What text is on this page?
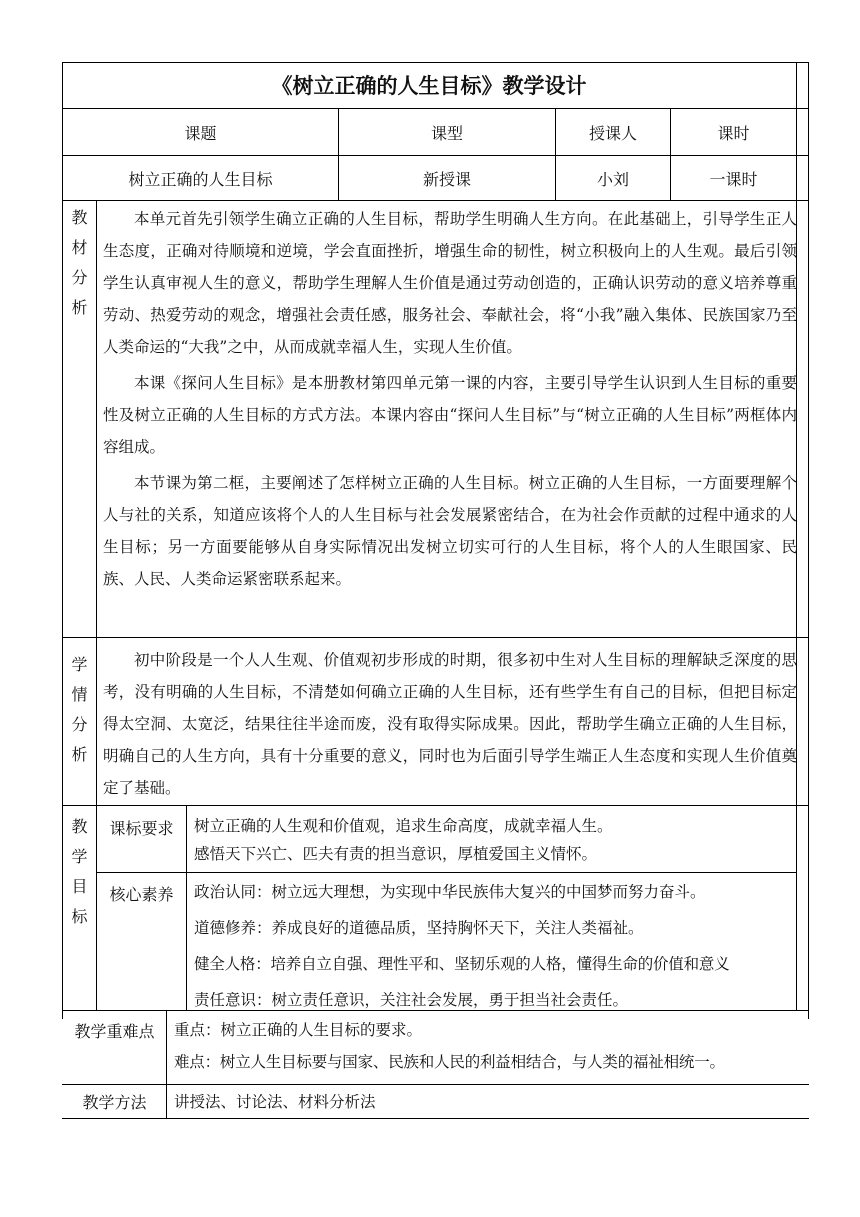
《树立正确的人生目标》教学设计
课题	课型	授课人	课时
树立正确的人生目标	新授课	小刘	一课时
教材分析

本单元首先引领学生确立正确的人生目标，帮助学生明确人生方向。在此基础上，引导学生正人生态度，正确对待顺境和逆境，学会直面挫折，增强生命的韧性，树立积极向上的人生观。最后引领学生认真审视人生的意义，帮助学生理解人生价值是通过劳动创造的，正确认识劳动的意义培养尊重劳动、热爱劳动的观念，增强社会责任感，服务社会、奉献社会，将“小我”融入集体、民族国家乃至人类命运的“大我”之中，从而成就幸福人生，实现人生价值。

本课《探问人生目标》是本册教材第四单元第一课的内容，主要引导学生认识到人生目标的重要性及树立正确的人生目标的方式方法。本课内容由“探问人生目标”与“树立正确的人生目标”两框体内容组成。

本节课为第二框，主要阐述了怎样树立正确的人生目标。树立正确的人生目标，一方面要理解个人与社的关系，知道应该将个人的人生目标与社会发展紧密结合，在为社会作贡献的过程中通求的人生目标；另一方面要能够从自身实际情况出发树立切实可行的人生目标，将个人的人生眼国家、民族、人民、人类命运紧密联系起来。

学情分析

初中阶段是一个人人生观、价值观初步形成的时期，很多初中生对人生目标的理解缺乏深度的思考，没有明确的人生目标，不清楚如何确立正确的人生目标，还有些学生有自己的目标，但把目标定得太空洞、太宽泛，结果往往半途而废，没有取得实际成果。因此，帮助学生确立正确的人生目标，明确自己的人生方向，具有十分重要的意义，同时也为后面引导学生端正人生态度和实现人生价值奠定了基础。

教学目标
课标要求	树立正确的人生观和价值观，追求生命高度，成就幸福人生。

感悟天下兴亡、匹夫有责的担当意识，厚植爱国主义情怀。

核心素养	政治认同：树立远大理想，为实现中华民族伟大复兴的中国梦而努力奋斗。

道德修养：养成良好的道德品质，坚持胸怀天下，关注人类福祉。

健全人格：培养自立自强、理性平和、坚韧乐观的人格，懂得生命的价值和意义

责任意识：树立责任意识，关注社会发展，勇于担当社会责任。

教学重难点	重点：树立正确的人生目标的要求。

难点：树立人生目标要与国家、民族和人民的利益相结合，与人类的福祉相统一。

教学方法	讲授法、讨论法、材料分析法
